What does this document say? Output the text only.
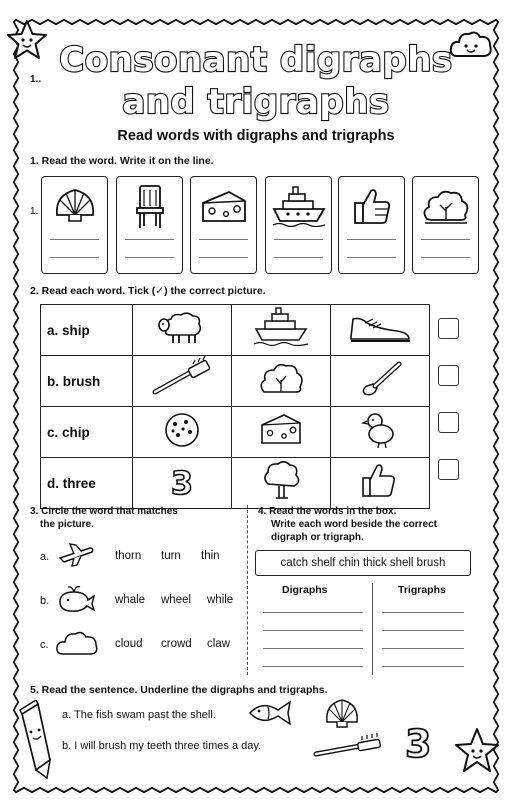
1.. Consonant digraphs
and trigraphs
Read words with digraphs and trigraphs
1. Read the word. Write it on the line.
1.
2. Read each word. Tick (✓) the correct picture.
a. ship			
b. brush			
c. chip			
d. three	3		
3. Circle the word that matches
the picture.
a.	thorn turn thin
b.	whale wheel while
c.	cloud crowd claw
4. Read the words in the box.
Write each word beside the correct
digraph or trigraph.
catch shelf chin thick shell brush
Digraphs	Trigraphs
5. Read the sentence. Underline the digraphs and trigraphs.
a. The fish swam past the shell.
b. I will brush my teeth three times a day.	3
